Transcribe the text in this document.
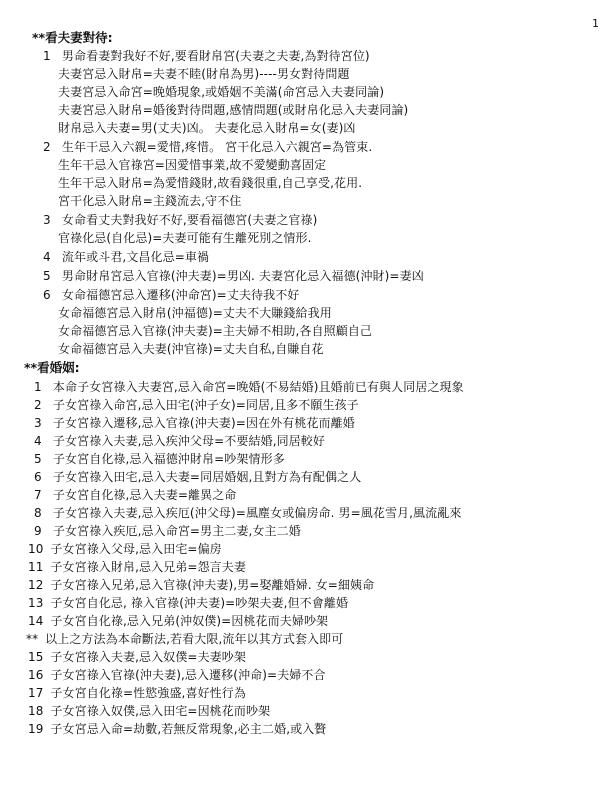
1
**看夫妻對待:
1 男命看妻對我好不好,要看財帛宮(夫妻之夫妻,為對待宮位)
夫妻宮忌入財帛=夫妻不睦(財帛為男)----男女對待問題
夫妻宮忌入命宮=晚婚現象,或婚姻不美滿(命宮忌入夫妻同論)
夫妻宮忌入財帛=婚後對待問題,感情問題(或財帛化忌入夫妻同論)
財帛忌入夫妻=男(丈夫)凶。 夫妻化忌入財帛=女(妻)凶
2 生年干忌入六親=愛惜,疼惜。 宮干化忌入六親宮=為管束.
生年干忌入官祿宮=因愛惜事業,故不愛變動喜固定
生年干忌入財帛=為愛惜錢財,故看錢很重,自己享受,花用.
宮干化忌入財帛=主錢流去,守不住
3 女命看丈夫對我好不好,要看福德宮(夫妻之官祿)
官祿化忌(自化忌)=夫妻可能有生離死別之情形.
4 流年或斗君,文昌化忌=車禍
5 男命財帛宮忌入官祿(沖夫妻)=男凶. 夫妻宮化忌入福德(沖財)=妻凶
6 女命福德宮忌入遷移(沖命宮)=丈夫待我不好
女命福德宮忌入財帛(沖福德)=丈夫不大賺錢給我用
女命福德宮忌入官祿(沖夫妻)=主夫婦不相助,各自照顧自己
女命福德宮忌入夫妻(沖官祿)=丈夫自私,自賺自花
**看婚姻:
1 本命子女宮祿入夫妻宮,忌入命宮=晚婚(不易結婚)且婚前已有與人同居之現象
2 子女宮祿入命宮,忌入田宅(沖子女)=同居,且多不願生孩子
3 子女宮祿入遷移,忌入官祿(沖夫妻)=因在外有桃花而離婚
4 子女宮祿入夫妻,忌入疾沖父母=不要結婚,同居較好
5 子女宮自化祿,忌入福德沖財帛=吵架情形多
6 子女宮祿入田宅,忌入夫妻=同居婚姻,且對方為有配偶之人
7 子女宮自化祿,忌入夫妻=離異之命
8 子女宮祿入夫妻,忌入疾厄(沖父母)=風塵女或偏房命. 男=風花雪月,風流亂來
9 子女宮祿入疾厄,忌入命宮=男主二妻,女主二婚
10 子女宮祿入父母,忌入田宅=偏房
11 子女宮祿入財帛,忌入兄弟=怨言夫妻
12 子女宮祿入兄弟,忌入官祿(沖夫妻),男=娶離婚婦. 女=細姨命
13 子女宮自化忌, 祿入官祿(沖夫妻)=吵架夫妻,但不會離婚
14 子女宮自化祿,忌入兄弟(沖奴僕)=因桃花而夫婦吵架
** 以上之方法為本命斷法,若看大限,流年以其方式套入即可
15 子女宮祿入夫妻,忌入奴僕=夫妻吵架
16 子女宮祿入官祿(沖夫妻),忌入遷移(沖命)=夫婦不合
17 子女宮自化祿=性慾強盛,喜好性行為
18 子女宮祿入奴僕,忌入田宅=因桃花而吵架
19 子女宮忌入命=劫數,若無反常現象,必主二婚,或入贅
